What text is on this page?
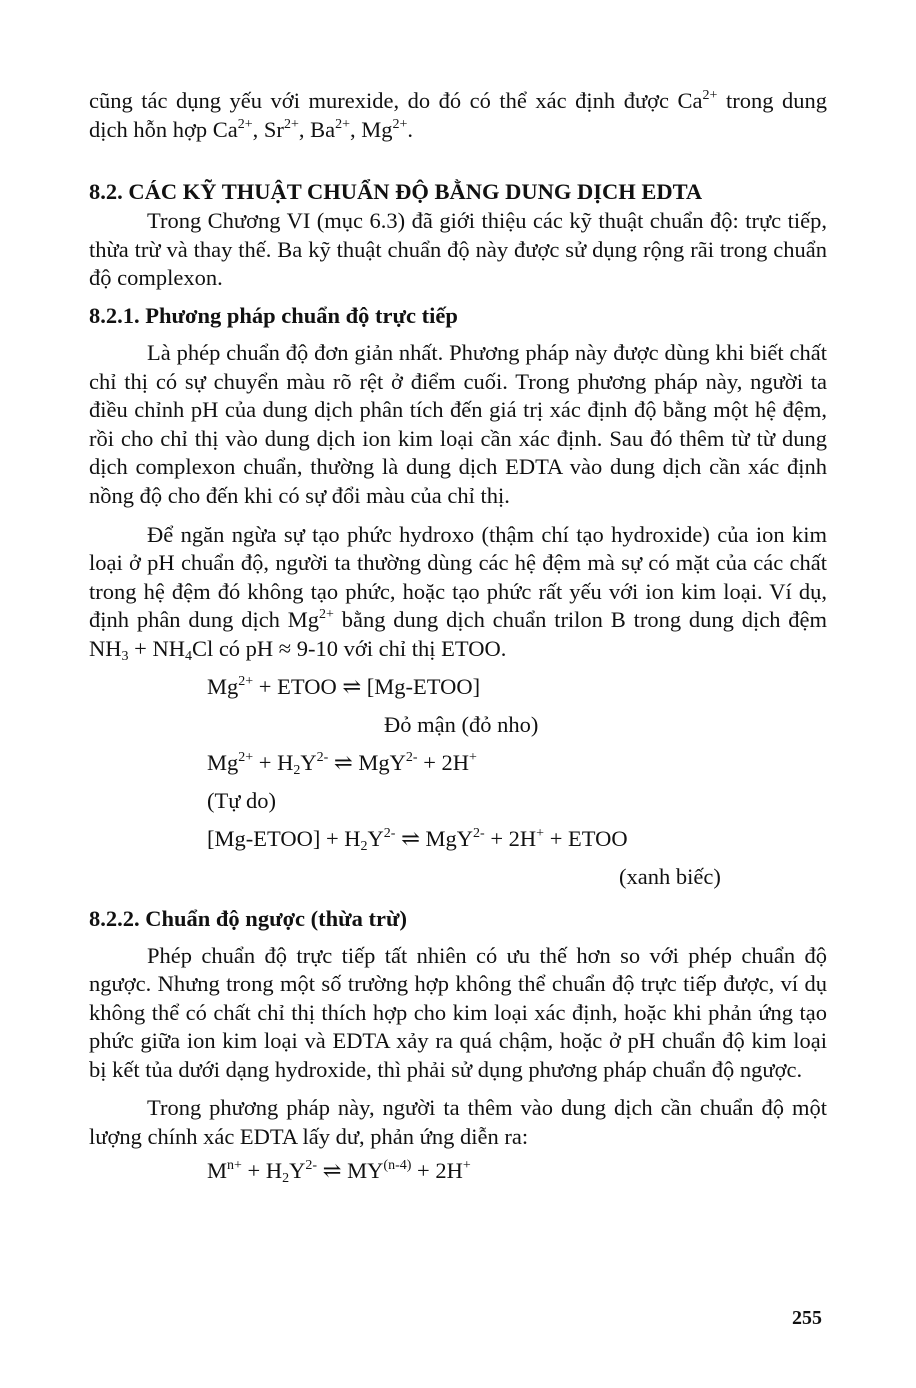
cũng tác dụng yếu với murexide, do đó có thể xác định được $Ca^{2+}$ trong dung dịch hỗn hợp $Ca^{2+}$, $Sr^{2+}$, $Ba^{2+}$, $Mg^{2+}$.

8.2. CÁC KỸ THUẬT CHUẨN ĐỘ BẰNG DUNG DỊCH EDTA

Trong Chương VI (mục 6.3) đã giới thiệu các kỹ thuật chuẩn độ: trực tiếp, thừa trừ và thay thế. Ba kỹ thuật chuẩn độ này được sử dụng rộng rãi trong chuẩn độ complexon.

8.2.1. Phương pháp chuẩn độ trực tiếp

Là phép chuẩn độ đơn giản nhất. Phương pháp này được dùng khi biết chất chỉ thị có sự chuyển màu rõ rệt ở điểm cuối. Trong phương pháp này, người ta điều chỉnh pH của dung dịch phân tích đến giá trị xác định độ bằng một hệ đệm, rồi cho chỉ thị vào dung dịch ion kim loại cần xác định. Sau đó thêm từ từ dung dịch complexon chuẩn, thường là dung dịch EDTA vào dung dịch cần xác định nồng độ cho đến khi có sự đổi màu của chỉ thị.

Để ngăn ngừa sự tạo phức hydroxo (thậm chí tạo hydroxide) của ion kim loại ở pH chuẩn độ, người ta thường dùng các hệ đệm mà sự có mặt của các chất trong hệ đệm đó không tạo phức, hoặc tạo phức rất yếu với ion kim loại. Ví dụ, định phân dung dịch $Mg^{2+}$ bằng dung dịch chuẩn trilon B trong dung dịch đệm $NH_3 + NH_4Cl$ có pH ≈ 9-10 với chỉ thị ETOO.

$Mg^{2+}$ + ETOO ⇌ [Mg-ETOO]
Đỏ mận (đỏ nho)
$Mg^{2+} + H_2Y^{2-}$ ⇌ MgY$^{2-}$ + 2H+
(Tự do)
[Mg-ETOO] + $H_2Y^{2-}$ ⇌ MgY$^{2-}$ + 2H+ + ETOO
(xanh biếc)
8.2.2. Chuẩn độ ngược (thừa trừ)

Phép chuẩn độ trực tiếp tất nhiên có ưu thế hơn so với phép chuẩn độ ngược. Nhưng trong một số trường hợp không thể chuẩn độ trực tiếp được, ví dụ không thể có chất chỉ thị thích hợp cho kim loại xác định, hoặc khi phản ứng tạo phức giữa ion kim loại và EDTA xảy ra quá chậm, hoặc ở pH chuẩn độ kim loại bị kết tủa dưới dạng hydroxide, thì phải sử dụng phương pháp chuẩn độ ngược.

Trong phương pháp này, người ta thêm vào dung dịch cần chuẩn độ một lượng chính xác EDTA lấy dư, phản ứng diễn ra:

$M^{n+} + H_2Y^{2-}$ ⇌ $MY^{(n-4)} + 2H^+$
255
